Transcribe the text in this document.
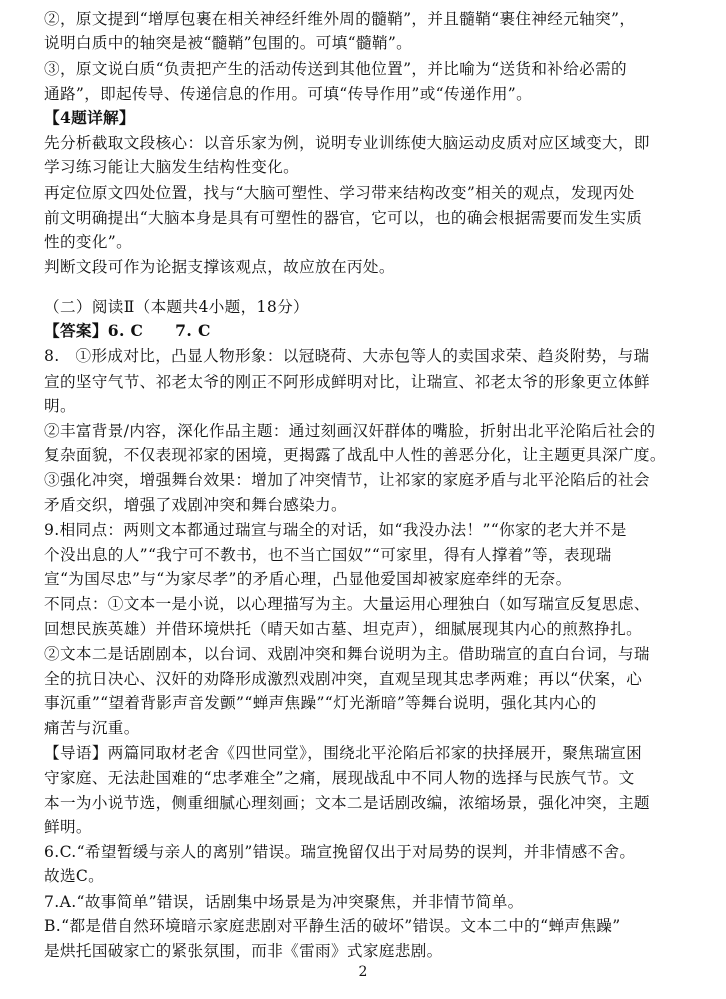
②，原文提到“增厚包裹在相关神经纤维外周的髓鞘”，并且髓鞘“裹住神经元轴突”，
说明白质中的轴突是被“髓鞘”包围的。可填“髓鞘”。
③，原文说白质“负责把产生的活动传送到其他位置”，并比喻为“送货和补给必需的
通路”，即起传导、传递信息的作用。可填“传导作用”或“传递作用”。
【4题详解】
先分析截取文段核心：以音乐家为例，说明专业训练使大脑运动皮质对应区域变大，即
学习练习能让大脑发生结构性变化。
再定位原文四处位置，找与“大脑可塑性、学习带来结构改变”相关的观点，发现丙处
前文明确提出“大脑本身是具有可塑性的器官，它可以，也的确会根据需要而发生实质
性的变化”。
判断文段可作为论据支撑该观点，故应放在丙处。
（二）阅读Ⅱ（本题共4小题，18分）
【答案】6. C　　7. C
8.　①形成对比，凸显人物形象：以冠晓荷、大赤包等人的卖国求荣、趋炎附势，与瑞
宣的坚守气节、祁老太爷的刚正不阿形成鲜明对比，让瑞宣、祁老太爷的形象更立体鲜
明。
②丰富背景/内容，深化作品主题：通过刻画汉奸群体的嘴脸，折射出北平沦陷后社会的
复杂面貌，不仅表现祁家的困境，更揭露了战乱中人性的善恶分化，让主题更具深广度。
③强化冲突，增强舞台效果：增加了冲突情节，让祁家的家庭矛盾与北平沦陷后的社会
矛盾交织，增强了戏剧冲突和舞台感染力。
9.相同点：两则文本都通过瑞宣与瑞全的对话，如“我没办法！”“你家的老大并不是
个没出息的人”“我宁可不教书，也不当亡国奴”“可家里，得有人撑着”等，表现瑞
宣“为国尽忠”与“为家尽孝”的矛盾心理，凸显他爱国却被家庭牵绊的无奈。
不同点：①文本一是小说，以心理描写为主。大量运用心理独白（如写瑞宣反复思虑、
回想民族英雄）并借环境烘托（晴天如古墓、坦克声），细腻展现其内心的煎熬挣扎。
②文本二是话剧剧本，以台词、戏剧冲突和舞台说明为主。借助瑞宣的直白台词，与瑞
全的抗日决心、汉奸的劝降形成激烈戏剧冲突，直观呈现其忠孝两难；再以“伏案，心
事沉重”“望着背影声音发颤”“蝉声焦躁”“灯光渐暗”等舞台说明，强化其内心的
痛苦与沉重。
【导语】两篇同取材老舍《四世同堂》，围绕北平沦陷后祁家的抉择展开，聚焦瑞宣困
守家庭、无法赴国难的“忠孝难全”之痛，展现战乱中不同人物的选择与民族气节。文
本一为小说节选，侧重细腻心理刻画；文本二是话剧改编，浓缩场景，强化冲突，主题
鲜明。
6.C.“希望暂缓与亲人的离别”错误。瑞宣挽留仅出于对局势的误判，并非情感不舍。
故选C。
7.A.“故事简单”错误，话剧集中场景是为冲突聚焦，并非情节简单。
B.“都是借自然环境暗示家庭悲剧对平静生活的破坏”错误。文本二中的“蝉声焦躁”
是烘托国破家亡的紧张氛围，而非《雷雨》式家庭悲剧。
2
